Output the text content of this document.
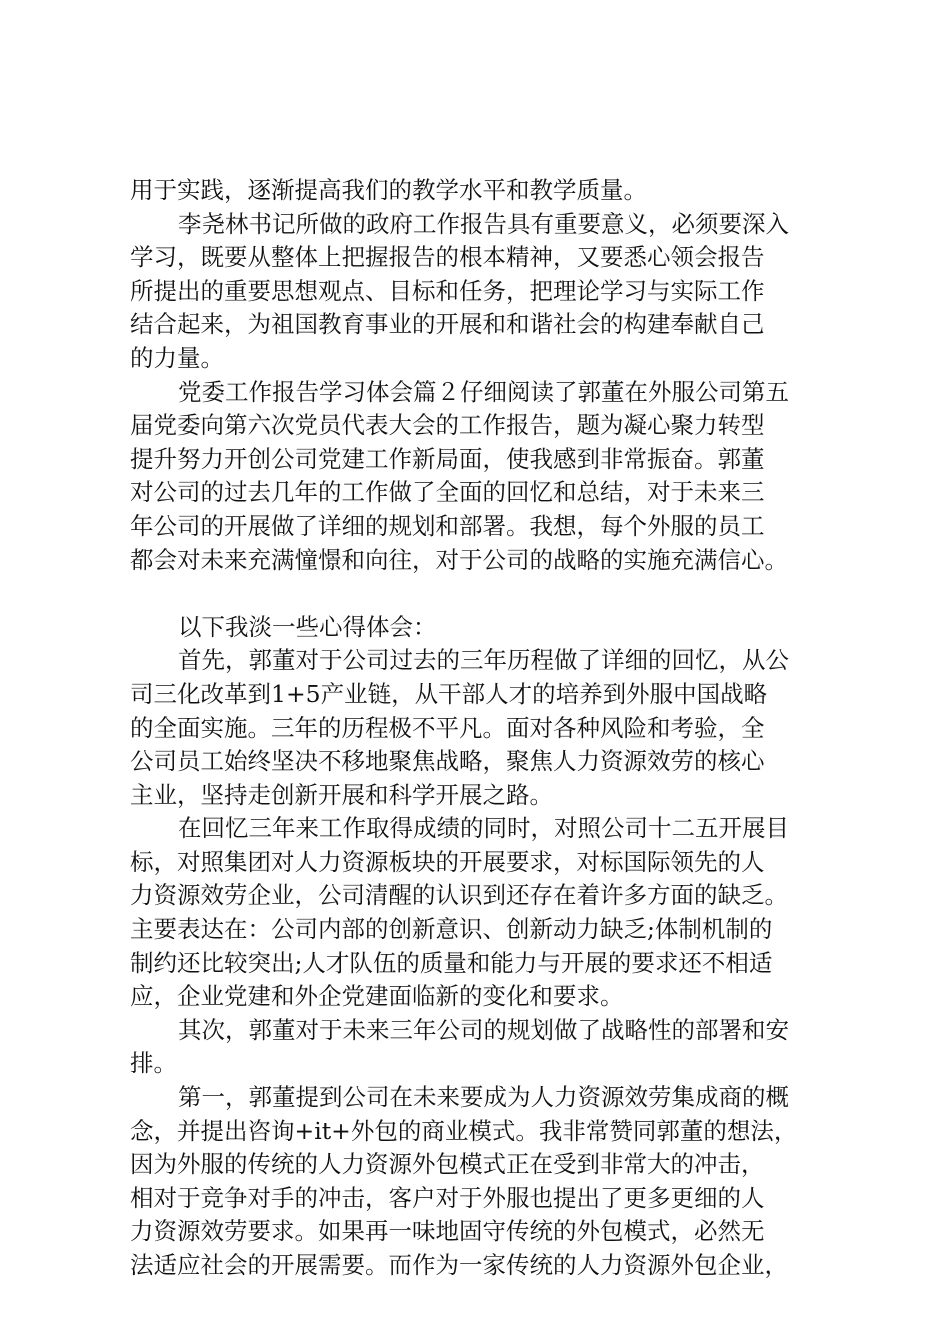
用于实践，逐渐提高我们的教学水平和教学质量。
李尧林书记所做的政府工作报告具有重要意义，必须要深入
学习，既要从整体上把握报告的根本精神，又要悉心领会报告
所提出的重要思想观点、目标和任务，把理论学习与实际工作
结合起来，为祖国教育事业的开展和和谐社会的构建奉献自己
的力量。
党委工作报告学习体会篇２仔细阅读了郭董在外服公司第五
届党委向第六次党员代表大会的工作报告，题为凝心聚力转型
提升努力开创公司党建工作新局面，使我感到非常振奋。郭董
对公司的过去几年的工作做了全面的回忆和总结，对于未来三
年公司的开展做了详细的规划和部署。我想，每个外服的员工
都会对未来充满憧憬和向往，对于公司的战略的实施充满信心。
以下我淡一些心得体会：
首先，郭董对于公司过去的三年历程做了详细的回忆，从公
司三化改革到1+5产业链，从干部人才的培养到外服中国战略
的全面实施。三年的历程极不平凡。面对各种风险和考验，全
公司员工始终坚决不移地聚焦战略，聚焦人力资源效劳的核心
主业，坚持走创新开展和科学开展之路。
在回忆三年来工作取得成绩的同时，对照公司十二五开展目
标，对照集团对人力资源板块的开展要求，对标国际领先的人
力资源效劳企业，公司清醒的认识到还存在着许多方面的缺乏。
主要表达在：公司内部的创新意识、创新动力缺乏;体制机制的
制约还比较突出;人才队伍的质量和能力与开展的要求还不相适
应，企业党建和外企党建面临新的变化和要求。
其次，郭董对于未来三年公司的规划做了战略性的部署和安
排。
第一，郭董提到公司在未来要成为人力资源效劳集成商的概
念，并提出咨询+it+外包的商业模式。我非常赞同郭董的想法，
因为外服的传统的人力资源外包模式正在受到非常大的冲击，
相对于竞争对手的冲击，客户对于外服也提出了更多更细的人
力资源效劳要求。如果再一味地固守传统的外包模式，必然无
法适应社会的开展需要。而作为一家传统的人力资源外包企业，
